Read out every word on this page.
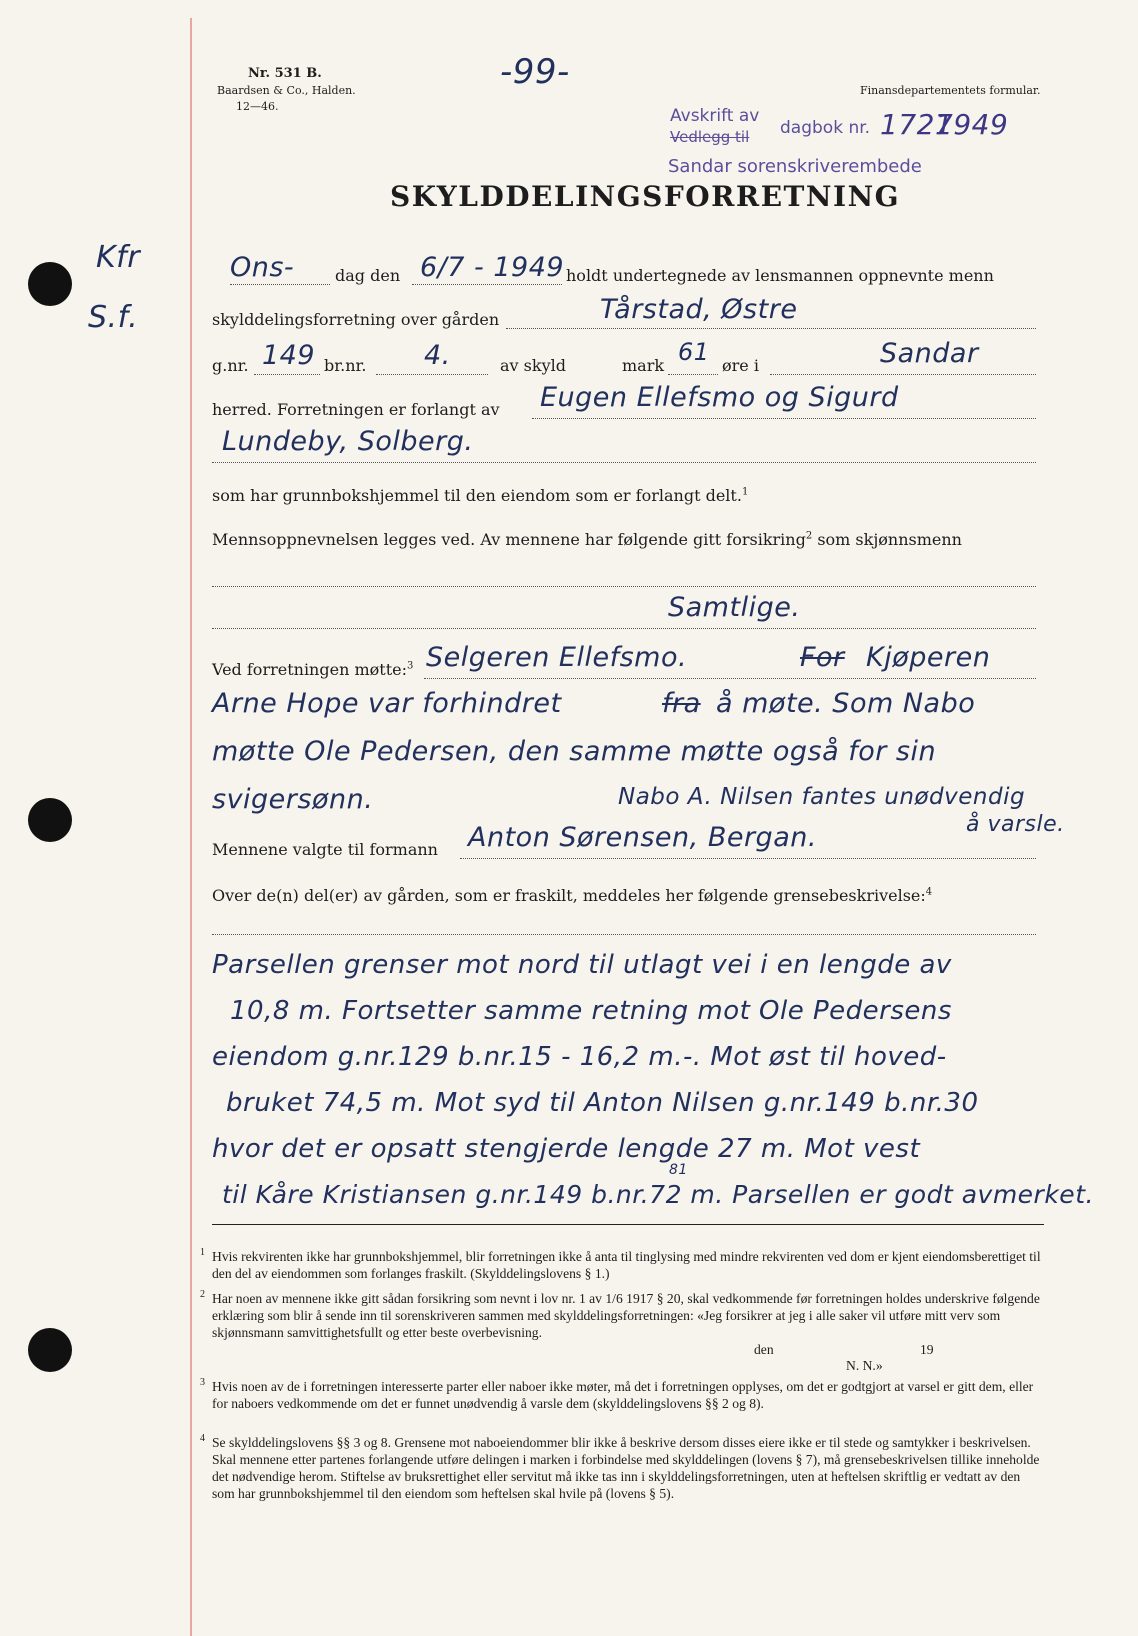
Kfr
S.f.
Nr. 531 B.
Baardsen & Co., Halden.
12—46.
-99-	Finansdepartementets formular.
Avskrift av
Vedlegg til dagbok nr. 1727
1949
Sandar sorenskriverembede
SKYLDDELINGSFORRETNING
Ons-	dag den 6/7 - 1949 holdt undertegnede av lensmannen oppnevnte menn
skylddelingsforretning over gården	Tårstad, Østre
g.nr. 149 br.nr. 4.	av skyld	mark 61 øre i	Sandar
herred. Forretningen er forlangt av Eugen Ellefsmo og Sigurd
Lundeby, Solberg.
som har grunnbokshjemmel til den eiendom som er forlangt delt.$^1$
Mennsoppnevnelsen legges ved. Av mennene har følgende gitt forsikring$^2$ som skjønnsmenn
Samtlige.
Ved forretningen møtte:$^3$ Selgeren Ellefsmo.	For Kjøperen
Arne Hope var forhindret	fra å møte. Som Nabo
møtte Ole Pedersen, den samme møtte også for sin
svigersønn.	Nabo A. Nilsen fantes unødvendig
å varsle.
Mennene valgte til formann Anton Sørensen, Bergan.
Over de(n) del(er) av gården, som er fraskilt, meddeles her følgende grensebeskrivelse:$^4$
Parsellen grenser mot nord til utlagt vei i en lengde av
10,8 m. Fortsetter samme retning mot Ole Pedersens
eiendom g.nr.129 b.nr.15 - 16,2 m.-. Mot øst til hoved-
bruket 74,5 m. Mot syd til Anton Nilsen g.nr.149 b.nr.30
hvor det er opsatt stengjerde lengde 27 m. Mot vest
til Kåre Kristiansen g.nr.149 b.nr.72 m. Parsellen er godt avmerket.
81
1 Hvis rekvirenten ikke har grunnbokshjemmel, blir forretningen ikke å anta til tinglysing med mindre rekvirenten ved dom er kjent eiendomsberettiget til den del av eiendommen som forlanges fraskilt. (Skylddelingslovens § 1.)
2 Har noen av mennene ikke gitt sådan forsikring som nevnt i lov nr. 1 av 1/6 1917 § 20, skal vedkommende før forretningen holdes underskrive følgende erklæring som blir å sende inn til sorenskriveren sammen med skylddelingsforretningen: «Jeg forsikrer at jeg i alle saker vil utføre mitt verv som skjønnsmann samvittighetsfullt og etter beste overbevisning.
den	19
N. N.»
3 Hvis noen av de i forretningen interesserte parter eller naboer ikke møter, må det i forretningen opplyses, om det er godtgjort at varsel er gitt dem, eller for naboers vedkommende om det er funnet unødvendig å varsle dem (skylddelingslovens §§ 2 og 8).
4 Se skylddelingslovens §§ 3 og 8. Grensene mot naboeiendommer blir ikke å beskrive dersom disses eiere ikke er til stede og samtykker i beskrivelsen. Skal mennene etter partenes forlangende utføre delingen i marken i forbindelse med skylddelingen (lovens § 7), må grensebeskrivelsen tillike inneholde det nødvendige herom. Stiftelse av bruksrettighet eller servitut må ikke tas inn i skylddelingsforretningen, uten at heftelsen skriftlig er vedtatt av den som har grunnbokshjemmel til den eiendom som heftelsen skal hvile på (lovens § 5).
